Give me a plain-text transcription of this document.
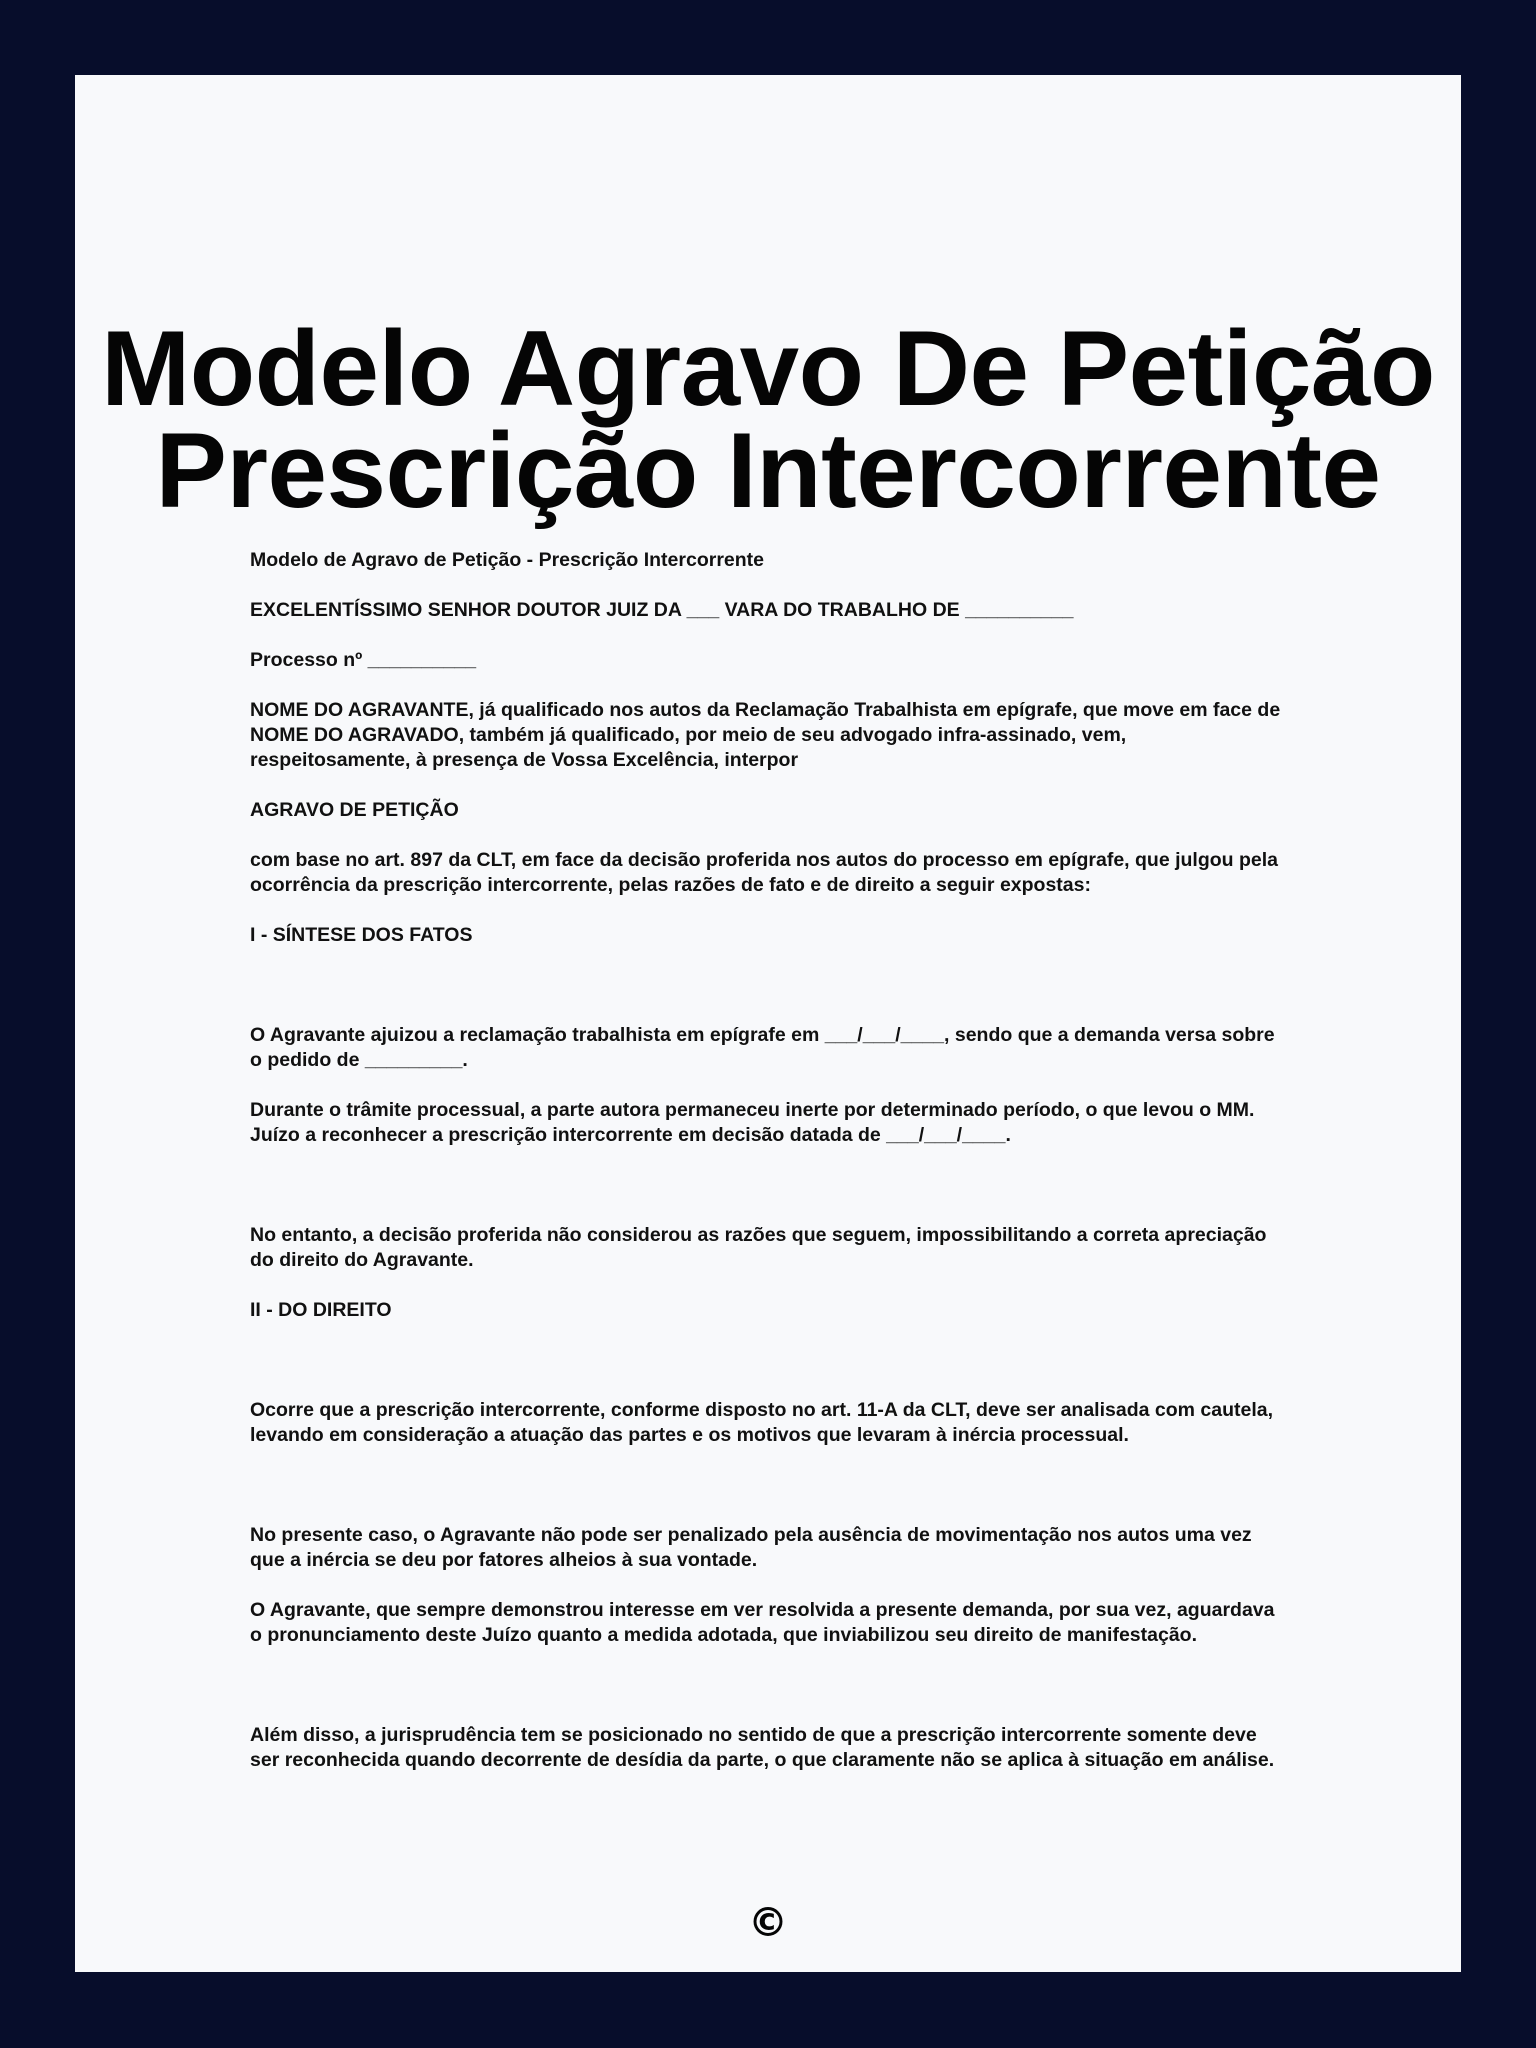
Modelo Agravo De Petição
Prescrição Intercorrente

Modelo de Agravo de Petição - Prescrição Intercorrente

EXCELENTÍSSIMO SENHOR DOUTOR JUIZ DA ___ VARA DO TRABALHO DE __________

Processo nº __________

NOME DO AGRAVANTE, já qualificado nos autos da Reclamação Trabalhista em epígrafe, que move em face de NOME DO AGRAVADO, também já qualificado, por meio de seu advogado infra-assinado, vem, respeitosamente, à presença de Vossa Excelência, interpor

AGRAVO DE PETIÇÃO

com base no art. 897 da CLT, em face da decisão proferida nos autos do processo em epígrafe, que julgou pela ocorrência da prescrição intercorrente, pelas razões de fato e de direito a seguir expostas:

I - SÍNTESE DOS FATOS

O Agravante ajuizou a reclamação trabalhista em epígrafe em ___/___/____, sendo que a demanda versa sobre o pedido de _________.

Durante o trâmite processual, a parte autora permaneceu inerte por determinado período, o que levou o MM. Juízo a reconhecer a prescrição intercorrente em decisão datada de ___/___/____.

No entanto, a decisão proferida não considerou as razões que seguem, impossibilitando a correta apreciação do direito do Agravante.

II - DO DIREITO

Ocorre que a prescrição intercorrente, conforme disposto no art. 11-A da CLT, deve ser analisada com cautela, levando em consideração a atuação das partes e os motivos que levaram à inércia processual.

No presente caso, o Agravante não pode ser penalizado pela ausência de movimentação nos autos uma vez que a inércia se deu por fatores alheios à sua vontade.

O Agravante, que sempre demonstrou interesse em ver resolvida a presente demanda, por sua vez, aguardava o pronunciamento deste Juízo quanto a medida adotada, que inviabilizou seu direito de manifestação.

Além disso, a jurisprudência tem se posicionado no sentido de que a prescrição intercorrente somente deve ser reconhecida quando decorrente de desídia da parte, o que claramente não se aplica à situação em análise.

©
